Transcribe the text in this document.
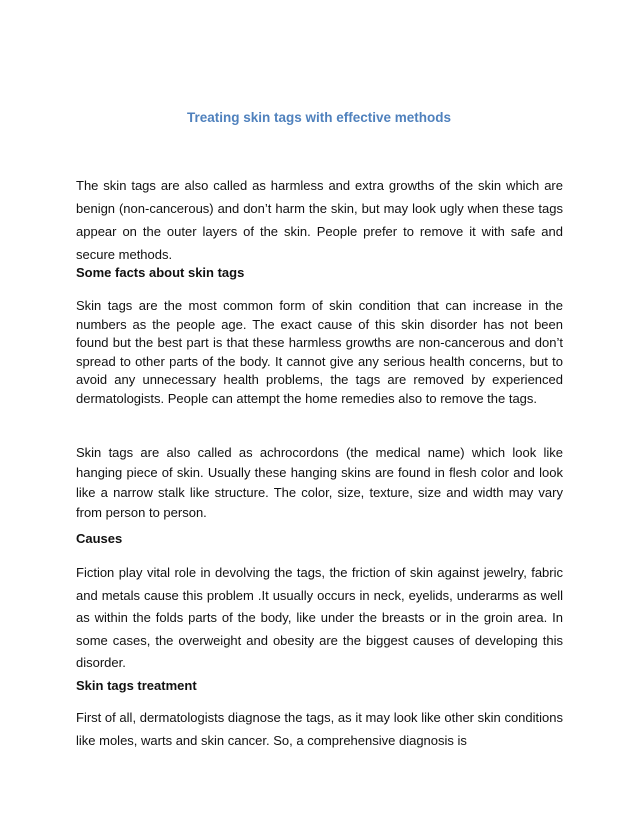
Treating skin tags with effective methods

The skin tags are also called as harmless and extra growths of the skin which are benign (non-cancerous) and don’t harm the skin, but may look ugly when these tags appear on the outer layers of the skin. People prefer to remove it with safe and secure methods.

Some facts about skin tags

Skin tags are the most common form of skin condition that can increase in the numbers as the people age. The exact cause of this skin disorder has not been found but the best part is that these harmless growths are non-cancerous and don’t spread to other parts of the body. It cannot give any serious health concerns, but to avoid any unnecessary health problems, the tags are removed by experienced dermatologists. People can attempt the home remedies also to remove the tags.

Skin tags are also called as achrocordons (the medical name) which look like hanging piece of skin. Usually these hanging skins are found in flesh color and look like a narrow stalk like structure. The color, size, texture, size and width may vary from person to person.

Causes

Fiction play vital role in devolving the tags, the friction of skin against jewelry, fabric and metals cause this problem .It usually occurs in neck, eyelids, underarms as well as within the folds parts of the body, like under the breasts or in the groin area. In some cases, the overweight and obesity are the biggest causes of developing this disorder.

Skin tags treatment

First of all, dermatologists diagnose the tags, as it may look like other skin conditions like moles, warts and skin cancer. So, a comprehensive diagnosis is
